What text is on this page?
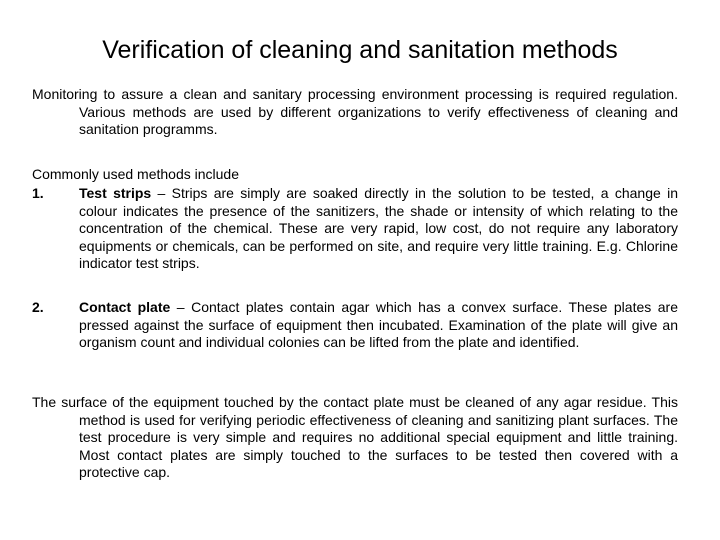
Verification of cleaning and sanitation methods
Monitoring to assure a clean and sanitary processing environment processing is required regulation. Various methods are used by different organizations to verify effectiveness of cleaning and sanitation programms.
Commonly used methods include
1.	Test strips – Strips are simply are soaked directly in the solution to be tested, a change in colour indicates the presence of the sanitizers, the shade or intensity of which relating to the concentration of the chemical. These are very rapid, low cost, do not require any laboratory equipments or chemicals, can be performed on site, and require very little training. E.g. Chlorine indicator test strips.
2.	Contact plate – Contact plates contain agar which has a convex surface. These plates are pressed against the surface of equipment then incubated. Examination of the plate will give an organism count and individual colonies can be lifted from the plate and identified.
The surface of the equipment touched by the contact plate must be cleaned of any agar residue. This method is used for verifying periodic effectiveness of cleaning and sanitizing plant surfaces. The test procedure is very simple and requires no additional special equipment and little training. Most contact plates are simply touched to the surfaces to be tested then covered with a protective cap.
